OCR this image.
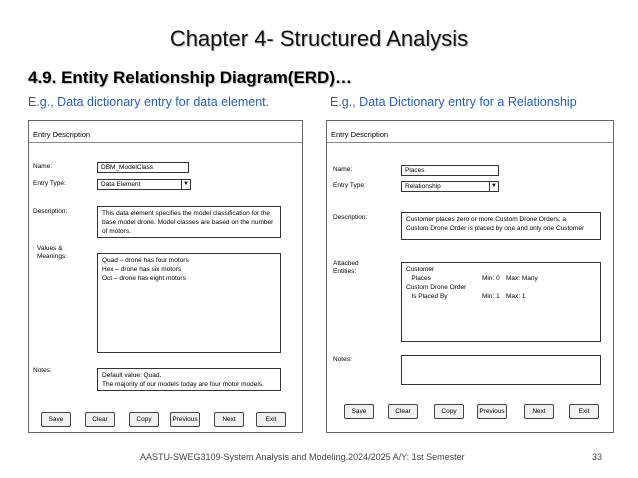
Chapter 4- Structured Analysis
4.9. Entity Relationship Diagram(ERD)…
E.g., Data dictionary entry for data element.	E.g., Data Dictionary entry for a Relationship
Entry Description
Name:	DBM_ModelClass
Entry Type:	Data Element	▼
Description:	This data element specifies the model classification for the
base model drone. Model classes are based on the number
of motors.
Values &
Meanings:
Quad – drone has four motors
Hex – drone has six motors
Oct – drone has eight motors
Notes:
Default value: Quad.
The majority of our models today are four motor models.
Save	Clear	Copy	Previous	Next	Exit
Entry Description
Name:	Places
Entry Type:	Relationship	▼
Description:	Customer places zero or more Custom Drone Orders; a
Custom Drone Order is placed by one and only one Customer
Attached
Entities:	Customer
Places	Min: 0 Max: Many
Custom Drone Order
Is Placed By	Min: 1 Max: 1
Notes:
Save	Clear	Copy	Previous	Next	Exit
AASTU-SWEG3109-System Analysis and Modeling.2024/2025 A/Y: 1st Semester	33
